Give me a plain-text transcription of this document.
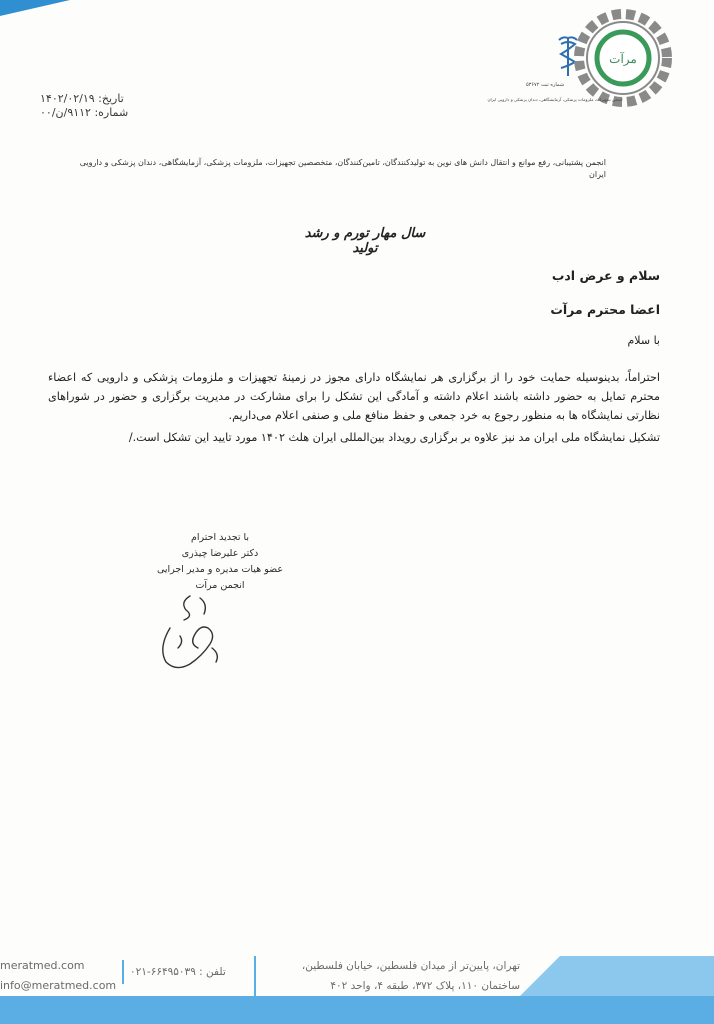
مرآت
شماره ثبت ۵۳۶۷۲
انجمن تجهیزات، ملزومات پزشکی، آزمایشگاهی، دندان پزشکی و دارویی ایران
تاریخ: ۱۴۰۲/۰۲/۱۹
شماره: ۹۱۱۲/ن/۰۰
انجمن پشتیبانی، رفع موانع و انتقال دانش های نوین به تولیدکنندگان، تامین‌کنندگان، متخصصین تجهیزات، ملزومات پزشکی، آزمایشگاهی، دندان پزشکی و دارویی ایران
سال مهار تورم و رشد تولید
سلام و عرض ادب
اعضا محترم مرآت
با سلام

احتراماً، بدینوسیله حمایت خود را از برگزاری هر نمایشگاه دارای مجوز در زمینهٔ تجهیزات و ملزومات پزشکی و دارویی که اعضاء محترم تمایل به حضور داشته باشند اعلام داشته و آمادگی این تشکل را برای مشارکت در مدیریت برگزاری و حضور در شوراهای نظارتی نمایشگاه ها به منظور رجوع به خرد جمعی و حفظ منافع ملی و صنفی اعلام می‌داریم.

تشکیل نمایشگاه ملی ایران مد نیز علاوه بر برگزاری رویداد بین‌المللی ایران هلث ۱۴۰۲ مورد تایید این تشکل است./

با تجدید احترام
دکتر علیرضا چیذری
عضو هیات مدیره و مدیر اجرایی
انجمن مرآت
meratmed.com
info@meratmed.com
تلفن : ۶۶۴۹۵۰۳۹-۰۲۱	تهران، پایین‌تر از میدان فلسطین، خیابان فلسطین،
ساختمان ۱۱۰، پلاک ۳۷۲، طبقه ۴، واحد ۴۰۲
